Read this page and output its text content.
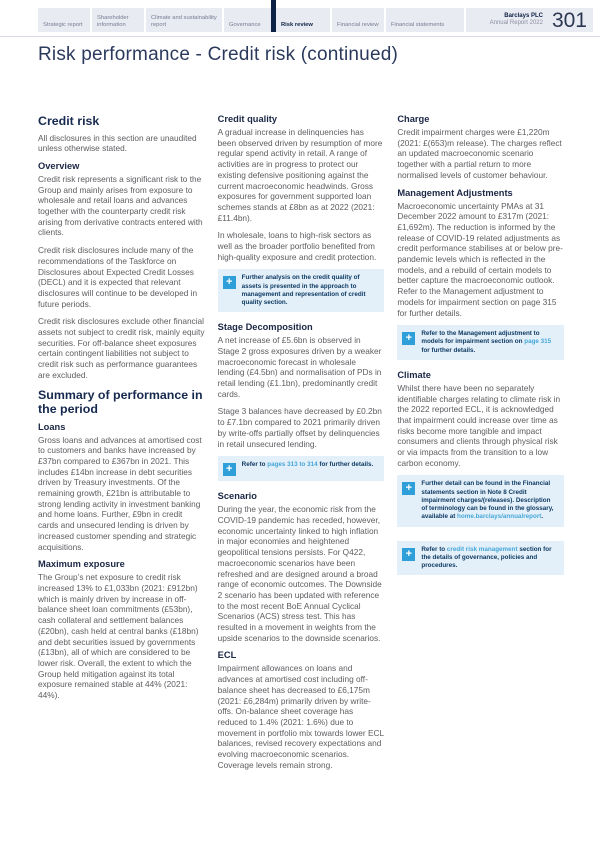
Strategic report
Shareholder information
Climate and sustainability report	Governance	Risk review	Financial review Financial statements
Barclays PLC
Annual Report 2022 301
Risk performance - Credit risk (continued)
Credit risk
All disclosures in this section are unaudited unless otherwise stated.
Overview
Credit risk represents a significant risk to the Group and mainly arises from exposure to wholesale and retail loans and advances together with the counterparty credit risk arising from derivative contracts entered with clients.
Credit risk disclosures include many of the recommendations of the Taskforce on Disclosures about Expected Credit Losses (DECL) and it is expected that relevant disclosures will continue to be developed in future periods.
Credit risk disclosures exclude other financial assets not subject to credit risk, mainly equity securities. For off-balance sheet exposures certain contingent liabilities not subject to credit risk such as performance guarantees are excluded.
Summary of performance in the period
Loans
Gross loans and advances at amortised cost to customers and banks have increased by £37bn compared to £367bn in 2021. This includes £14bn increase in debt securities driven by Treasury investments. Of the remaining growth, £21bn is attributable to strong lending activity in investment banking and home loans. Further, £9bn in credit cards and unsecured lending is driven by increased customer spending and strategic acquisitions.
Maximum exposure
The Group’s net exposure to credit risk increased 13% to £1,033bn (2021: £912bn) which is mainly driven by increase in off-balance sheet loan commitments (£53bn), cash collateral and settlement balances (£20bn), cash held at central banks (£18bn) and debt securities issued by governments (£13bn), all of which are considered to be lower risk. Overall, the extent to which the Group held mitigation against its total exposure remained stable at 44% (2021: 44%).
Credit quality
A gradual increase in delinquencies has been observed driven by resumption of more regular spend activity in retail. A range of activities are in progress to protect our existing defensive positioning against the current macroeconomic headwinds. Gross exposures for government supported loan schemes stands at £8bn as at 2022 (2021: £11.4bn).
In wholesale, loans to high-risk sectors as well as the broader portfolio benefited from high-quality exposure and credit protection.
+	Further analysis on the credit quality of assets is presented in the approach to management and representation of credit quality section.
Stage Decomposition
A net increase of £5.6bn is observed in Stage 2 gross exposures driven by a weaker macroeconomic forecast in wholesale lending (£4.5bn) and normalisation of PDs in retail lending (£1.1bn), predominantly credit cards.
Stage 3 balances have decreased by £0.2bn to £7.1bn compared to 2021 primarily driven by write-offs partially offset by delinquencies in retail unsecured lending.
+	Refer to pages 313 to 314 for further details.
Scenario
During the year, the economic risk from the COVID-19 pandemic has receded, however, economic uncertainty linked to high inflation in major economies and heightened geopolitical tensions persists. For Q422, macroeconomic scenarios have been refreshed and are designed around a broad range of economic outcomes. The Downside 2 scenario has been updated with reference to the most recent BoE Annual Cyclical Scenarios (ACS) stress test. This has resulted in a movement in weights from the upside scenarios to the downside scenarios.
ECL
Impairment allowances on loans and advances at amortised cost including off-balance sheet has decreased to £6,175m (2021: £6,284m) primarily driven by write-offs. On-balance sheet coverage has reduced to 1.4% (2021: 1.6%) due to movement in portfolio mix towards lower ECL balances, revised recovery expectations and evolving macroeconomic scenarios. Coverage levels remain strong.
Charge
Credit impairment charges were £1,220m (2021: £(653)m release). The charges reflect an updated macroeconomic scenario together with a partial return to more normalised levels of customer behaviour.
Management Adjustments
Macroeconomic uncertainty PMAs at 31 December 2022 amount to £317m (2021: £1,692m). The reduction is informed by the release of COVID-19 related adjustments as credit performance stabilises at or below pre-pandemic levels which is reflected in the models, and a rebuild of certain models to better capture the macroeconomic outlook. Refer to the Management adjustment to models for impairment section on page 315 for further details.
+	Refer to the Management adjustment to models for impairment section on page 315 for further details.
Climate
Whilst there have been no separately identifiable charges relating to climate risk in the 2022 reported ECL, it is acknowledged that impairment could increase over time as risks become more tangible and impact consumers and clients through physical risk or via impacts from the transition to a low carbon economy.
+	Further detail can be found in the Financial statements section in Note 8 Credit impairment charges/(releases). Description of terminology can be found in the glossary, available at home.barclays/annualreport.
+	Refer to credit risk management section for the details of governance, policies and procedures.
